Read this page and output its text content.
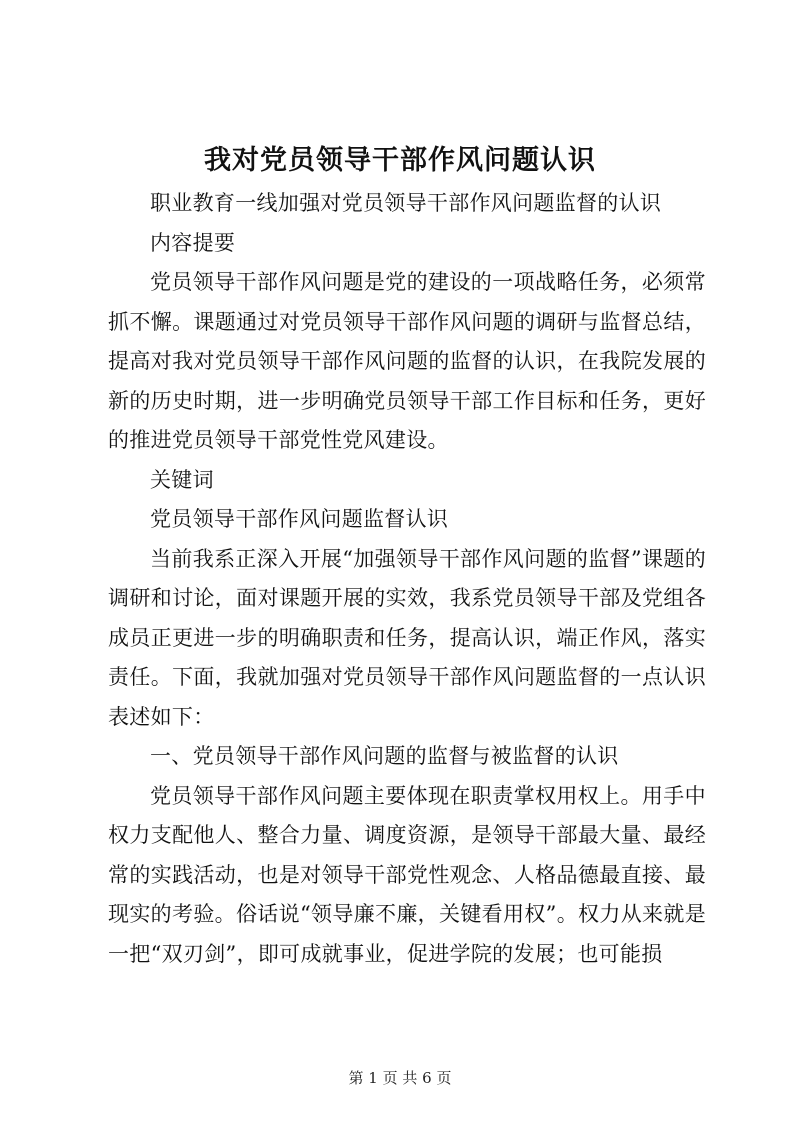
我对党员领导干部作风问题认识

职业教育一线加强对党员领导干部作风问题监督的认识

内容提要

党员领导干部作风问题是党的建设的一项战略任务，必须常抓不懈。课题通过对党员领导干部作风问题的调研与监督总结，提高对我对党员领导干部作风问题的监督的认识，在我院发展的新的历史时期，进一步明确党员领导干部工作目标和任务，更好的推进党员领导干部党性党风建设。

关键词

党员领导干部作风问题监督认识

当前我系正深入开展“加强领导干部作风问题的监督”课题的调研和讨论，面对课题开展的实效，我系党员领导干部及党组各成员正更进一步的明确职责和任务，提高认识，端正作风，落实责任。下面，我就加强对党员领导干部作风问题监督的一点认识表述如下：

一、党员领导干部作风问题的监督与被监督的认识

党员领导干部作风问题主要体现在职责掌权用权上。用手中权力支配他人、整合力量、调度资源，是领导干部最大量、最经常的实践活动，也是对领导干部党性观念、人格品德最直接、最现实的考验。俗话说“领导廉不廉，关键看用权”。权力从来就是一把“双刃剑”，即可成就事业，促进学院的发展；也可能损

第 1 页 共 6 页
